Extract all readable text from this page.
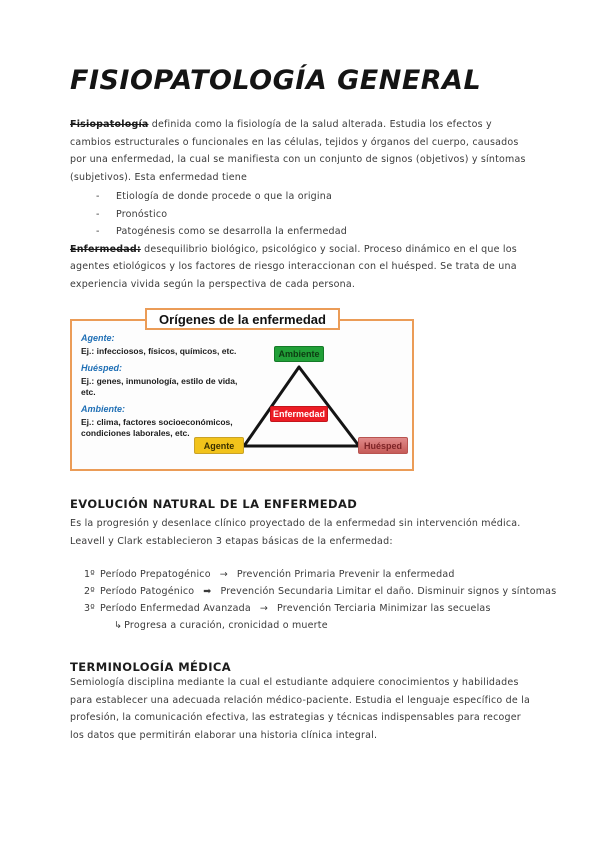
FISIOPATOLOGÍA GENERAL

Fisiopatología definida como la fisiología de la salud alterada. Estudia los efectos y cambios estructurales o funcionales en las células, tejidos y órganos del cuerpo, causados por una enfermedad, la cual se manifiesta con un conjunto de signos (objetivos) y síntomas (subjetivos). Esta enfermedad tiene

-	Etiología de donde procede o que la origina
-	Pronóstico
-	Patogénesis como se desarrolla la enfermedad

Enfermedad: desequilibrio biológico, psicológico y social. Proceso dinámico en el que los agentes etiológicos y los factores de riesgo interaccionan con el huésped. Se trata de una experiencia vivida según la perspectiva de cada persona.

Orígenes de la enfermedad
Agente:
Ej.: infecciosos, físicos, químicos, etc.
Huésped:
Ej.: genes, inmunología, estilo de vida, etc.
Ambiente:
Ej.: clima, factores socioeconómicos, condiciones laborales, etc.
Ambiente
Enfermedad
Agente	Huésped
EVOLUCIÓN NATURAL DE LA ENFERMEDAD

Es la progresión y desenlace clínico proyectado de la enfermedad sin intervención médica.

Leavell y Clark establecieron 3 etapas básicas de la enfermedad:

1º Período Prepatogénico → Prevención Primaria Prevenir la enfermedad
2º Período Patogénico ➡ Prevención Secundaria Limitar el daño. Disminuir signos y síntomas
3º Período Enfermedad Avanzada → Prevención Terciaria Minimizar las secuelas
↳ Progresa a curación, cronicidad o muerte
TERMINOLOGÍA MÉDICA

Semiología disciplina mediante la cual el estudiante adquiere conocimientos y habilidades para establecer una adecuada relación médico-paciente. Estudia el lenguaje específico de la profesión, la comunicación efectiva, las estrategias y técnicas indispensables para recoger los datos que permitirán elaborar una historia clínica integral.
